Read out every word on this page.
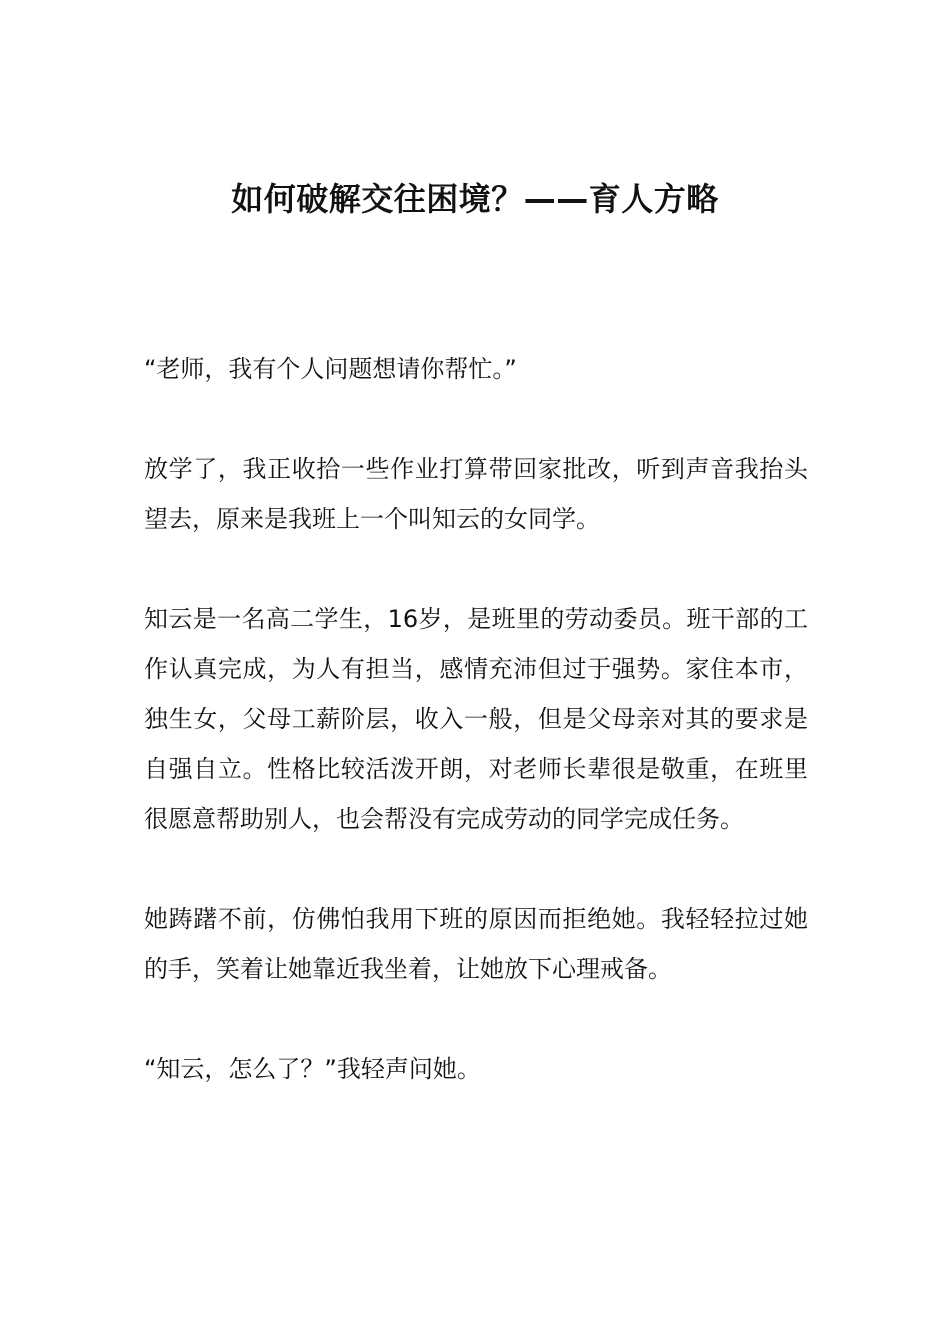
如何破解交往困境？——育人方略

“老师，我有个人问题想请你帮忙。”

放学了，我正收拾一些作业打算带回家批改，听到声音我抬头望去，原来是我班上一个叫知云的女同学。

知云是一名高二学生，16岁，是班里的劳动委员。班干部的工作认真完成，为人有担当，感情充沛但过于强势。家住本市，独生女，父母工薪阶层，收入一般，但是父母亲对其的要求是自强自立。性格比较活泼开朗，对老师长辈很是敬重，在班里很愿意帮助别人，也会帮没有完成劳动的同学完成任务。

她踌躇不前，仿佛怕我用下班的原因而拒绝她。我轻轻拉过她的手，笑着让她靠近我坐着，让她放下心理戒备。

“知云，怎么了？”我轻声问她。
